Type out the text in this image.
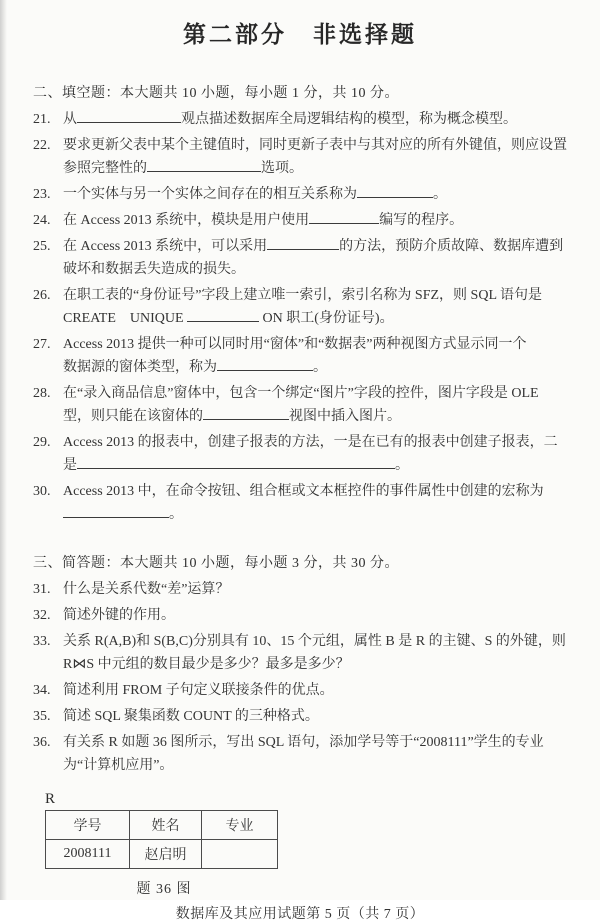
第二部分　非选择题
二、填空题：本大题共 10 小题，每小题 1 分，共 10 分。
21. 从	观点描述数据库全局逻辑结构的模型，称为概念模型。
22. 要求更新父表中某个主键值时，同时更新子表中与其对应的所有外键值，则应设置
参照完整性的	选项。
23. 一个实体与另一个实体之间存在的相互关系称为	。
24. 在 Access 2013 系统中，模块是用户使用	编写的程序。
25. 在 Access 2013 系统中，可以采用	的方法，预防介质故障、数据库遭到
破坏和数据丢失造成的损失。
26. 在职工表的“身份证号”字段上建立唯一索引，索引名称为 SFZ，则 SQL 语句是
CREATE　UNIQUE	ON 职工(身份证号)。
27. Access 2013 提供一种可以同时用“窗体”和“数据表”两种视图方式显示同一个
数据源的窗体类型，称为	。
28. 在“录入商品信息”窗体中，包含一个绑定“图片”字段的控件，图片字段是 OLE
型，则只能在该窗体的	视图中插入图片。
29. Access 2013 的报表中，创建子报表的方法，一是在已有的报表中创建子报表，二
是	。
30. Access 2013 中，在命令按钮、组合框或文本框控件的事件属性中创建的宏称为
。
三、简答题：本大题共 10 小题，每小题 3 分，共 30 分。
31. 什么是关系代数“差”运算？
32. 简述外键的作用。
33. 关系 R(A,B)和 S(B,C)分别具有 10、15 个元组，属性 B 是 R 的主键、S 的外键，则
R⋈S 中元组的数目最少是多少？最多是多少？
34. 简述利用 FROM 子句定义联接条件的优点。
35. 简述 SQL 聚集函数 COUNT 的三种格式。
36. 有关系 R 如题 36 图所示，写出 SQL 语句，添加学号等于“2008111”学生的专业
为“计算机应用”。
R
学号	姓名	专业
2008111	赵启明	
题 36 图
数据库及其应用试题第 5 页（共 7 页）
